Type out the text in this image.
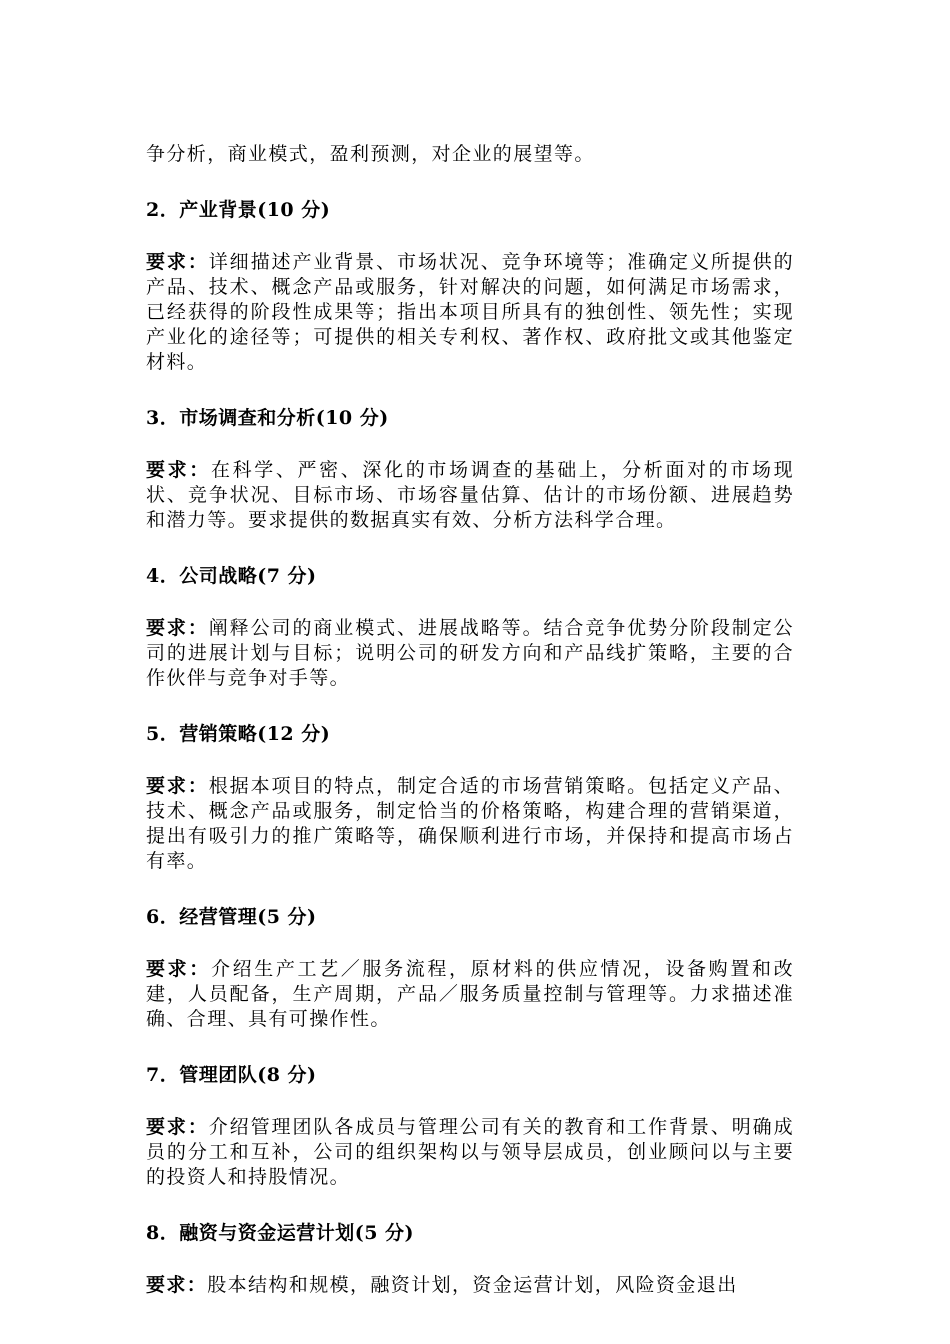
争分析，商业模式，盈利预测，对企业的展望等。

2．产业背景(10 分)

要求：详细描述产业背景、市场状况、竞争环境等；准确定义所提供的产品、技术、概念产品或服务，针对解决的问题，如何满足市场需求，已经获得的阶段性成果等；指出本项目所具有的独创性、领先性；实现产业化的途径等；可提供的相关专利权、著作权、政府批文或其他鉴定材料。

3．市场调查和分析(10 分)

要求：在科学、严密、深化的市场调查的基础上，分析面对的市场现状、竞争状况、目标市场、市场容量估算、估计的市场份额、进展趋势和潜力等。要求提供的数据真实有效、分析方法科学合理。

4．公司战略(7 分)

要求：阐释公司的商业模式、进展战略等。结合竞争优势分阶段制定公司的进展计划与目标；说明公司的研发方向和产品线扩策略，主要的合作伙伴与竞争对手等。

5．营销策略(12 分)

要求：根据本项目的特点，制定合适的市场营销策略。包括定义产品、技术、概念产品或服务，制定恰当的价格策略，构建合理的营销渠道，提出有吸引力的推广策略等，确保顺利进行市场，并保持和提高市场占有率。

6．经营管理(5 分)

要求：介绍生产工艺／服务流程，原材料的供应情况，设备购置和改建，人员配备，生产周期，产品／服务质量控制与管理等。力求描述准确、合理、具有可操作性。

7．管理团队(8 分)

要求：介绍管理团队各成员与管理公司有关的教育和工作背景、明确成员的分工和互补，公司的组织架构以与领导层成员，创业顾问以与主要的投资人和持股情况。

8．融资与资金运营计划(5 分)

要求：股本结构和规模，融资计划，资金运营计划，风险资金退出
